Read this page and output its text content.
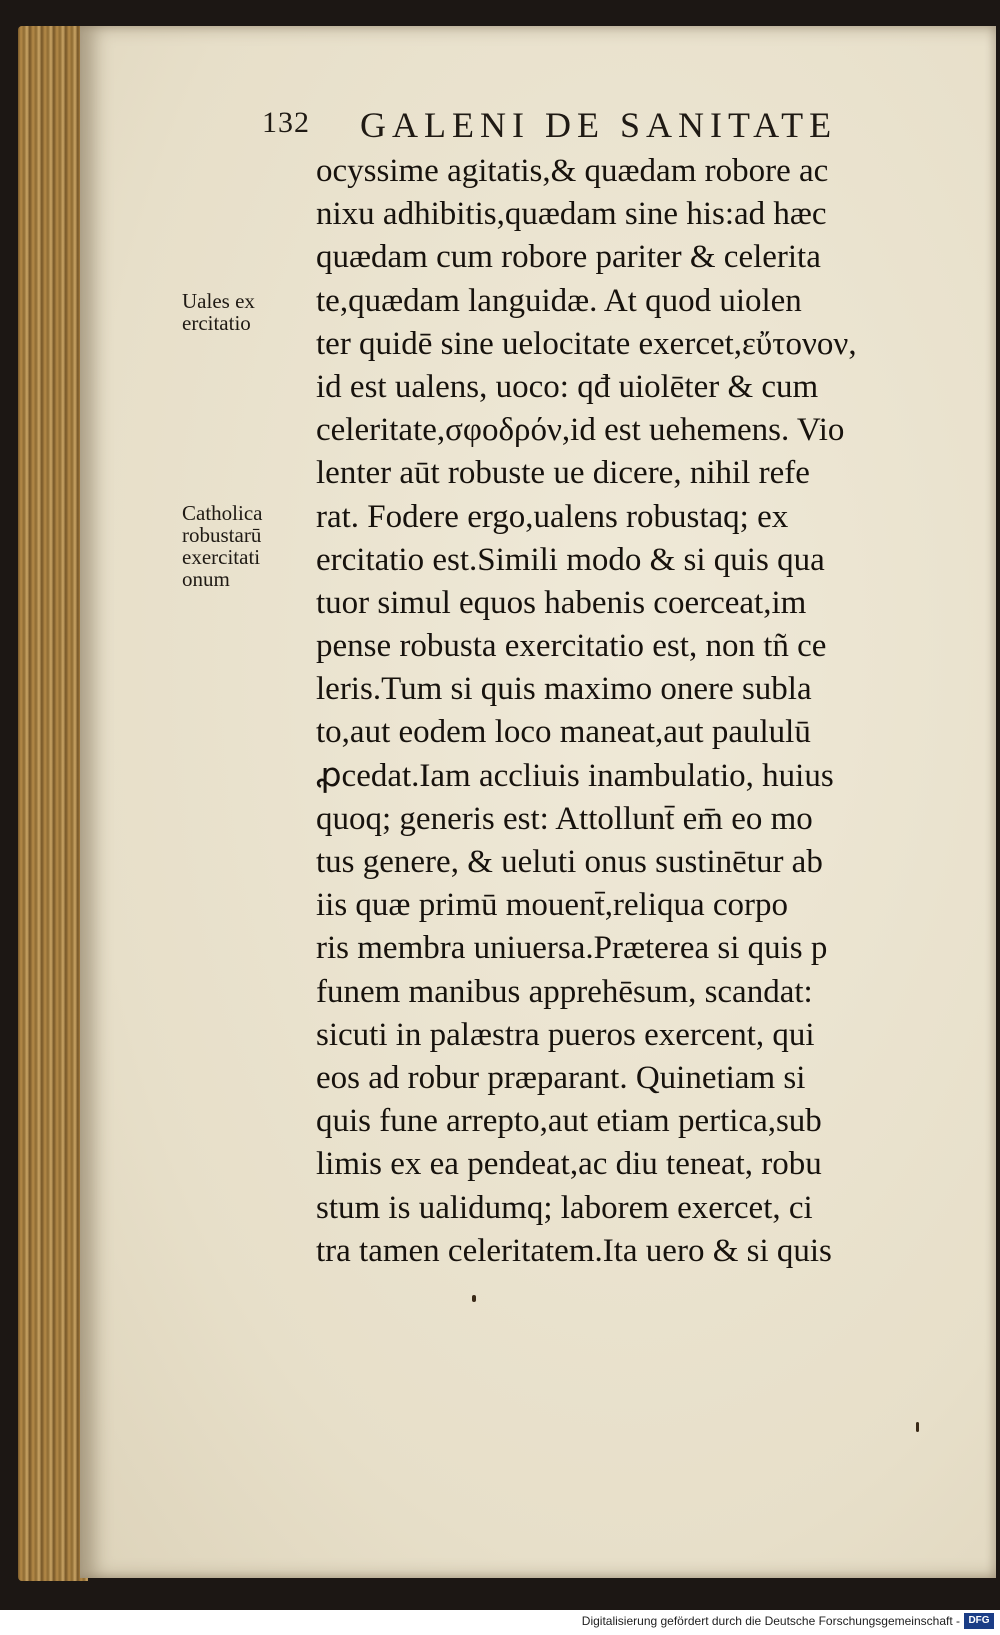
132 GALENI DE SANITATE
Uales ex
ercitatio
Catholica
robustarū
exercitati
onum
ocyssime agitatis,& quædam robore ac
nixu adhibitis,quædam sine his:ad hæc
quædam cum robore pariter & celerita
te,quædam languidæ. At quod uiolen
ter quidē sine uelocitate exercet,εὔτονον,
id est ualens, uoco: qđ uiolēter & cum
celeritate,σφοδρόν,id est uehemens. Vio
lenter aūt robuste ue dicere, nihil refe
rat. Fodere ergo,ualens robustaq; ex
ercitatio est.Simili modo & si quis qua
tuor simul equos habenis coerceat,im
pense robusta exercitatio est, non tñ ce
leris.Tum si quis maximo onere subla
to,aut eodem loco maneat,aut paululū
ꝓcedat.Iam accliuis inambulatio, huius
quoq; generis est: Attollunt̄ em̄ eo mo
tus genere, & ueluti onus sustinētur ab
iis quæ primū mouent̄,reliqua corpo
ris membra uniuersa.Præterea si quis p
funem manibus apprehēsum, scandat:
sicuti in palæstra pueros exercent, qui
eos ad robur præparant. Quinetiam si
quis fune arrepto,aut etiam pertica,sub
limis ex ea pendeat,ac diu teneat, robu
stum is ualidumq; laborem exercet, ci
tra tamen celeritatem.Ita uero & si quis
Digitalisierung gefördert durch die Deutsche Forschungsgemeinschaft - DFG
